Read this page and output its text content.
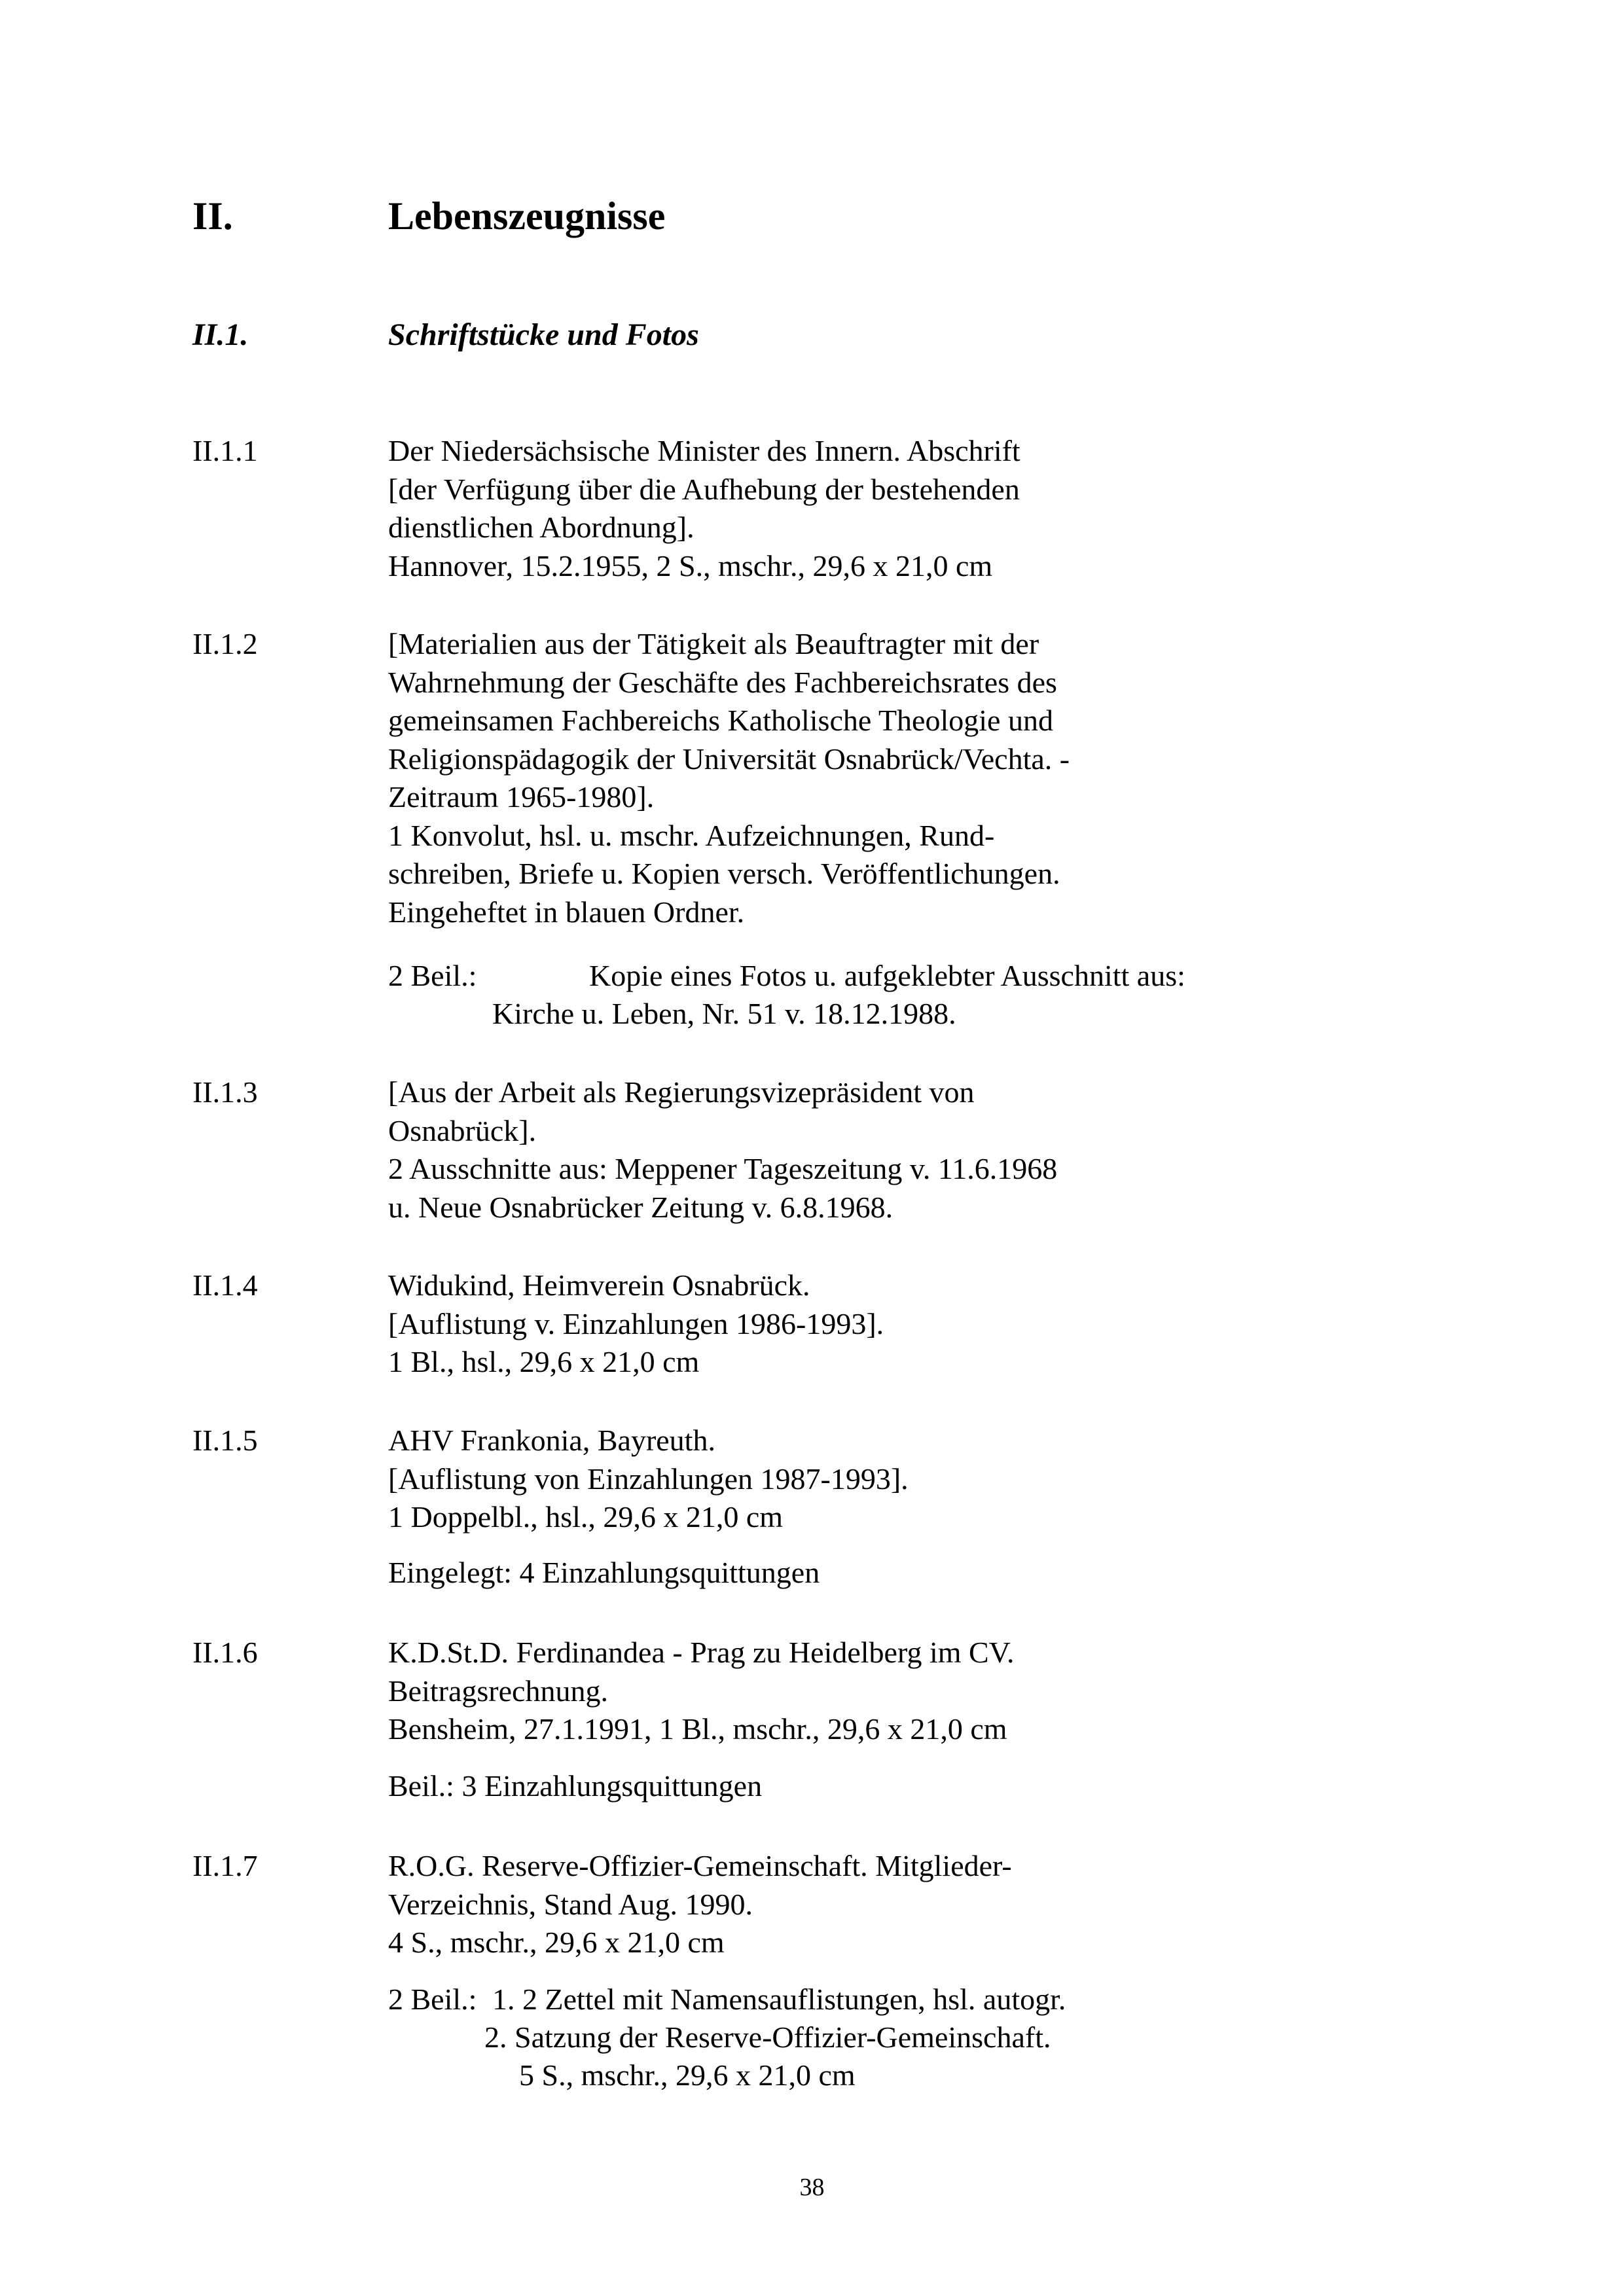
II.	Lebenszeugnisse
II.1.	Schriftstücke und Fotos
II.1.1	Der Niedersächsische Minister des Innern. Abschrift
[der Verfügung über die Aufhebung der bestehenden
dienstlichen Abordnung].
Hannover, 15.2.1955, 2 S., mschr., 29,6 x 21,0 cm
II.1.2	[Materialien aus der Tätigkeit als Beauftragter mit der
Wahrnehmung der Geschäfte des Fachbereichsrates des
gemeinsamen Fachbereichs Katholische Theologie und
Religionspädagogik der Universität Osnabrück/Vechta. -
Zeitraum 1965-1980].
1 Konvolut, hsl. u. mschr. Aufzeichnungen, Rund-
schreiben, Briefe u. Kopien versch. Veröffentlichungen.
Eingeheftet in blauen Ordner.
2 Beil.:	Kopie eines Fotos u. aufgeklebter Ausschnitt aus:
Kirche u. Leben, Nr. 51 v. 18.12.1988.
II.1.3	[Aus der Arbeit als Regierungsvizepräsident von
Osnabrück].
2 Ausschnitte aus: Meppener Tageszeitung v. 11.6.1968
u. Neue Osnabrücker Zeitung v. 6.8.1968.
II.1.4	Widukind, Heimverein Osnabrück.
[Auflistung v. Einzahlungen 1986-1993].
1 Bl., hsl., 29,6 x 21,0 cm
II.1.5	AHV Frankonia, Bayreuth.
[Auflistung von Einzahlungen 1987-1993].
1 Doppelbl., hsl., 29,6 x 21,0 cm
Eingelegt: 4 Einzahlungsquittungen
II.1.6	K.D.St.D. Ferdinandea - Prag zu Heidelberg im CV.
Beitragsrechnung.
Bensheim, 27.1.1991, 1 Bl., mschr., 29,6 x 21,0 cm
Beil.: 3 Einzahlungsquittungen
II.1.7	R.O.G. Reserve-Offizier-Gemeinschaft. Mitglieder-
Verzeichnis, Stand Aug. 1990.
4 S., mschr., 29,6 x 21,0 cm
2 Beil.: 1. 2 Zettel mit Namensauflistungen, hsl. autogr.
2. Satzung der Reserve-Offizier-Gemeinschaft.
5 S., mschr., 29,6 x 21,0 cm
38
